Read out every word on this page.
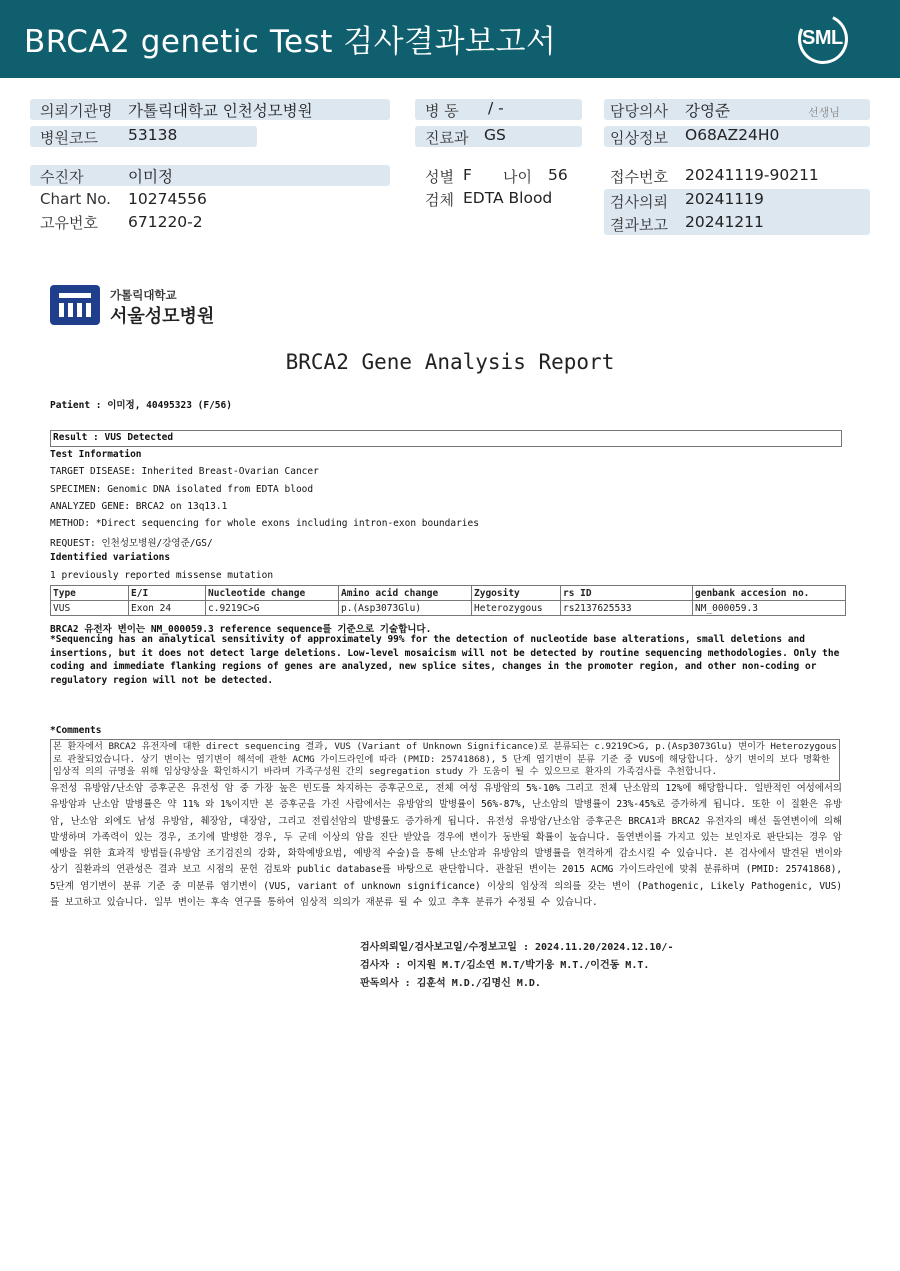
BRCA2 genetic Test 검사결과보고서	SML
의뢰기관명 가톨릭대학교 인천성모병원
병원코드 53138
수진자	이미정
Chart No. 10274556
고유번호 671220-2
병 동 / -
진료과 GS
성별 F 나이 56
검체 EDTA Blood
담당의사 강영준	선생님
임상정보 O68AZ24H0
접수번호 20241119-90211
검사의뢰 20241119
결과보고 20241211
가톨릭대학교
서울성모병원
BRCA2 Gene Analysis Report
Patient : 이미정, 40495323 (F/56)
Result : VUS Detected
Test Information
TARGET DISEASE: Inherited Breast-Ovarian Cancer
SPECIMEN: Genomic DNA isolated from EDTA blood
ANALYZED GENE: BRCA2 on 13q13.1
METHOD: *Direct sequencing for whole exons including intron-exon boundaries
REQUEST: 인천성모병원/강영준/GS/
Identified variations
1 previously reported missense mutation
Type	E/I	Nucleotide change	Amino acid change	Zygosity	rs ID	genbank accesion no.
VUS	Exon 24	c.9219C>G	p.(Asp3073Glu)	Heterozygous	rs2137625533	NM_000059.3
BRCA2 유전자 변이는 NM_000059.3 reference sequence를 기준으로 기술합니다.
*Sequencing has an analytical sensitivity of approximately 99% for the detection of nucleotide base alterations, small deletions and insertions, but it does not detect large deletions. Low-level mosaicism will not be detected by routine sequencing methodologies. Only the coding and immediate flanking regions of genes are analyzed, new splice sites, changes in the promoter region, and other non-coding or regulatory region will not be detected.
*Comments
본 환자에서 BRCA2 유전자에 대한 direct sequencing 결과, VUS (Variant of Unknown Significance)로 분류되는 c.9219C>G, p.(Asp3073Glu) 변이가 Heterozygous로 관찰되었습니다. 상기 변이는 염기변이 해석에 관한 ACMG 가이드라인에 따라 (PMID: 25741868), 5 단계 염기변이 분류 기준 중 VUS에 해당합니다. 상기 변이의 보다 명확한 임상적 의의 규명을 위해 임상양상을 확인하시기 바라며 가족구성원 간의 segregation study 가 도움이 될 수 있으므로 환자의 가족검사를 추천합니다.
유전성 유방암/난소암 증후군은 유전성 암 중 가장 높은 빈도를 차지하는 증후군으로, 전체 여성 유방암의 5%-10% 그리고 전체 난소암의 12%에 해당합니다. 일반적인 여성에서의 유방암과 난소암 발병률은 약 11% 와 1%이지만 본 증후군을 가진 사람에서는 유방암의 발병률이 56%-87%, 난소암의 발병률이 23%-45%로 증가하게 됩니다. 또한 이 질환은 유방암, 난소암 외에도 남성 유방암, 췌장암, 대장암, 그리고 전립선암의 발병률도 증가하게 됩니다. 유전성 유방암/난소암 증후군은 BRCA1과 BRCA2 유전자의 배선 돌연변이에 의해 발생하며 가족력이 있는 경우, 조기에 발병한 경우, 두 군데 이상의 암을 진단 받았을 경우에 변이가 동반될 확률이 높습니다. 돌연변이를 가지고 있는 보인자로 판단되는 경우 암 예방을 위한 효과적 방법들(유방암 조기검진의 강화, 화학예방요법, 예방적 수술)을 통해 난소암과 유방암의 발병률을 현격하게 감소시킬 수 있습니다. 본 검사에서 발견된 변이와 상기 질환과의 연관성은 결과 보고 시점의 문헌 검토와 public database를 바탕으로 판단합니다. 관찰된 변이는 2015 ACMG 가이드라인에 맞춰 분류하며 (PMID: 25741868), 5단계 염기변이 분류 기준 중 미분류 염기변이 (VUS, variant of unknown significance) 이상의 임상적 의의를 갖는 변이 (Pathogenic, Likely Pathogenic, VUS) 를 보고하고 있습니다. 일부 변이는 후속 연구를 통하여 임상적 의의가 재분류 될 수 있고 추후 분류가 수정될 수 있습니다.
검사의뢰일/검사보고일/수정보고일 : 2024.11.20/2024.12.10/-
검사자 : 이지원 M.T/김소연 M.T/박기웅 M.T./이건동 M.T.
판독의사 : 김훈석 M.D./김명신 M.D.
